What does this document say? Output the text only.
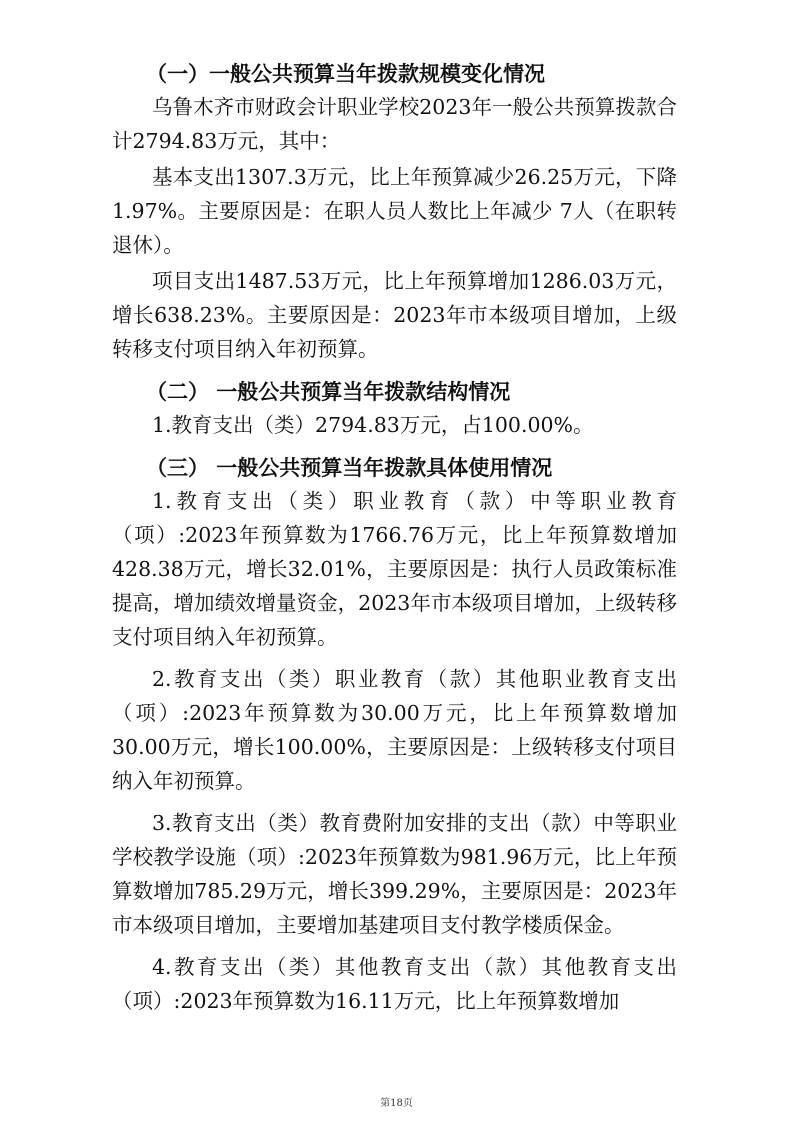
（一）一般公共预算当年拨款规模变化情况

乌鲁木齐市财政会计职业学校2023年一般公共预算拨款合计2794.83万元，其中：

基本支出1307.3万元，比上年预算减少26.25万元，下降1.97%。主要原因是：在职人员人数比上年减少 7人（在职转退休）。

项目支出1487.53万元，比上年预算增加1286.03万元，增长638.23%。主要原因是：2023年市本级项目增加，上级转移支付项目纳入年初预算。

（二） 一般公共预算当年拨款结构情况

1.教育支出（类）2794.83万元，占100.00%。

（三） 一般公共预算当年拨款具体使用情况

1.教育支出（类）职业教育（款）中等职业教育（项）:2023年预算数为1766.76万元，比上年预算数增加428.38万元，增长32.01%，主要原因是：执行人员政策标准提高，增加绩效增量资金，2023年市本级项目增加，上级转移支付项目纳入年初预算。

2.教育支出（类）职业教育（款）其他职业教育支出（项）:2023年预算数为30.00万元，比上年预算数增加30.00万元，增长100.00%，主要原因是：上级转移支付项目纳入年初预算。

3.教育支出（类）教育费附加安排的支出（款）中等职业学校教学设施（项）:2023年预算数为981.96万元，比上年预算数增加785.29万元，增长399.29%，主要原因是：2023年市本级项目增加，主要增加基建项目支付教学楼质保金。

4.教育支出（类）其他教育支出（款）其他教育支出（项）:2023年预算数为16.11万元，比上年预算数增加

第18页
